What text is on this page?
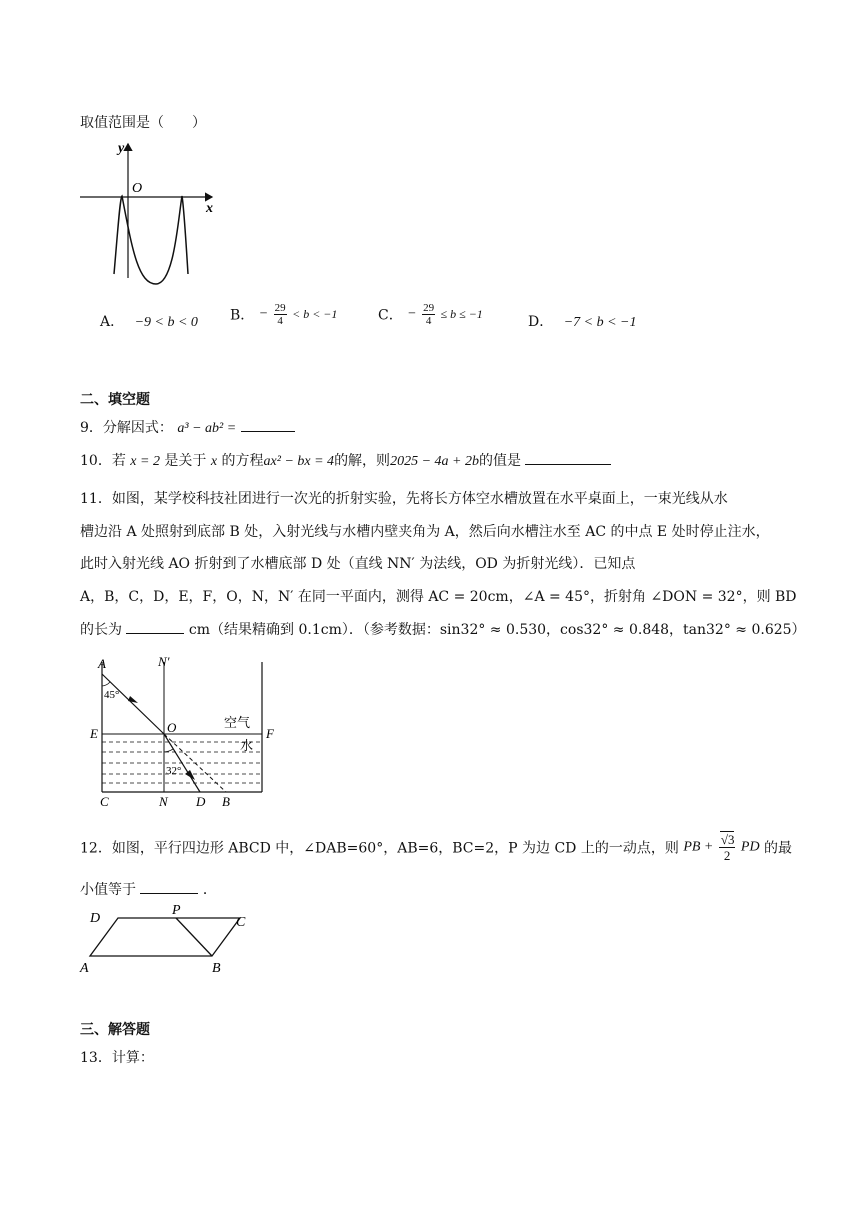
取值范围是（　　）
y
x
O
A． −9 < b < 0 B． − $\frac{29}{4} < b < -1$	C． − $\frac{29}{4} \le b \le -1$	D． −7 < b < −1
二、填空题
9．分解因式： a³ − ab² =
10．若 x = 2 是关于 x 的方程ax² − bx = 4的解，则2025 − 4a + 2b的值是
11．如图，某学校科技社团进行一次光的折射实验，先将长方体空水槽放置在水平桌面上，一束光线从水
槽边沿 A 处照射到底部 B 处，入射光线与水槽内壁夹角为 A，然后向水槽注水至 AC 的中点 E 处时停止注水，
此时入射光线 AO 折射到了水槽底部 D 处（直线 NN′ 为法线，OD 为折射光线）．已知点
A，B，C，D，E，F，O，N，N′ 在同一平面内，测得 AC = 20cm，∠A = 45°，折射角 ∠DON = 32°，则 BD
的长为	cm（结果精确到 0.1cm）．（参考数据：sin32° ≈ 0.530，cos32° ≈ 0.848，tan32° ≈ 0.625）
A	N′
45°
空气
E	O	F
水
32°
C	N D B
12．如图，平行四边形 ABCD 中，∠DAB=60°，AB=6，BC=2，P 为边 CD 上的一动点，则 PB + $\frac{√3}{2}$ PD 的最
小值等于	．
D
P
C
A	B
三、解答题
13．计算：
